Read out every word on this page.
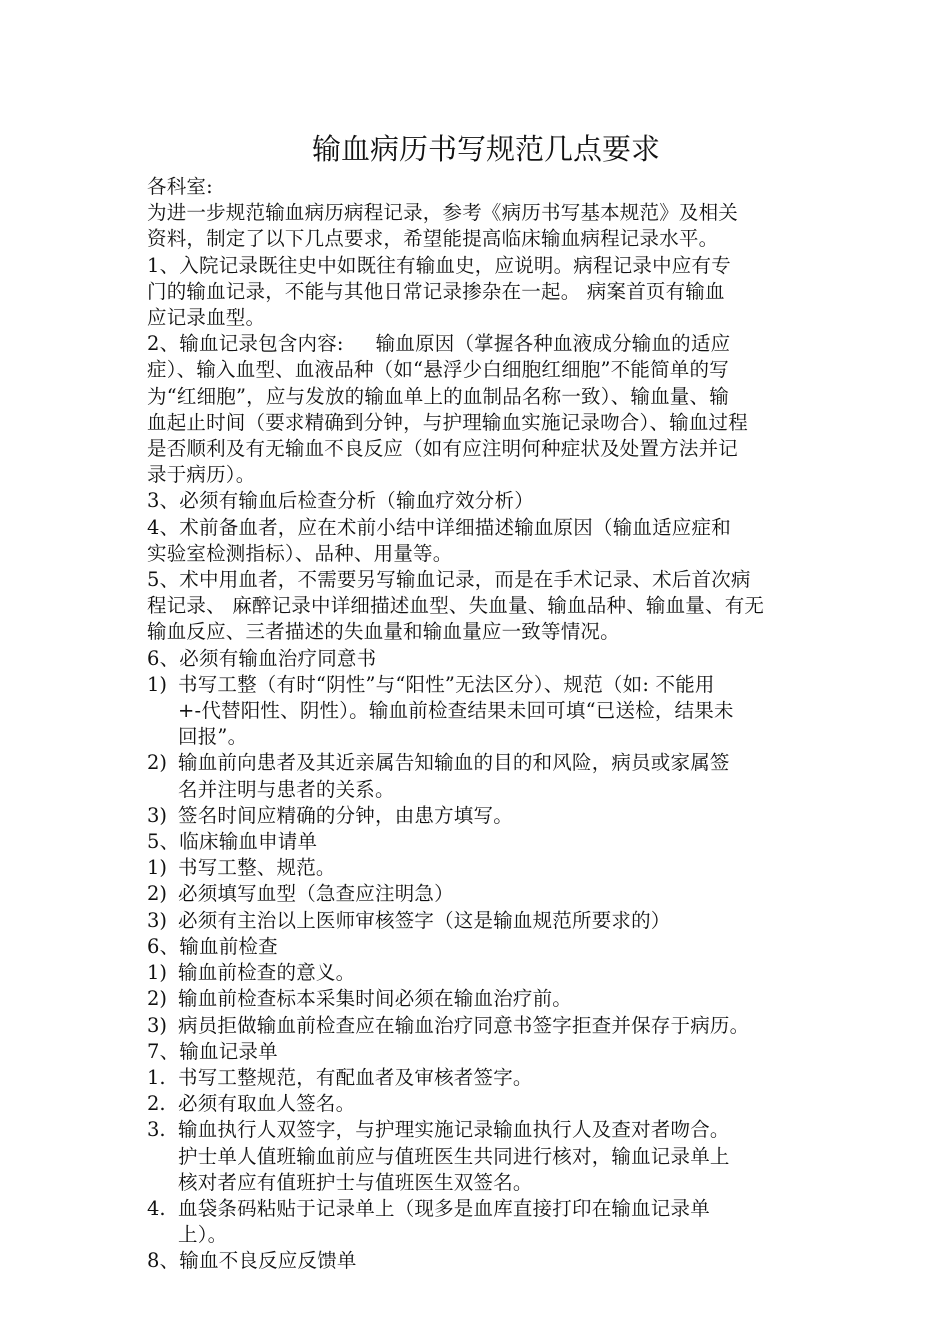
输血病历书写规范几点要求
各科室:
为进一步规范输血病历病程记录，参考《病历书写基本规范》及相关
资料，制定了以下几点要求，希望能提高临床输血病程记录水平。
1、入院记录既往史中如既往有输血史，应说明。病程记录中应有专
门的输血记录，不能与其他日常记录掺杂在一起。 病案首页有输血
应记录血型。
2、输血记录包含内容:     输血原因（掌握各种血液成分输血的适应
症）、输入血型、血液品种（如“悬浮少白细胞红细胞”不能简单的写
为“红细胞”，应与发放的输血单上的血制品名称一致）、输血量、输
血起止时间（要求精确到分钟，与护理输血实施记录吻合）、输血过程
是否顺利及有无输血不良反应（如有应注明何种症状及处置方法并记
录于病历）。
3、必须有输血后检查分析（输血疗效分析）
4、术前备血者，应在术前小结中详细描述输血原因（输血适应症和
实验室检测指标）、品种、用量等。
5、术中用血者，不需要另写输血记录，而是在手术记录、术后首次病
程记录、 麻醉记录中详细描述血型、失血量、输血品种、输血量、有无
输血反应、三者描述的失血量和输血量应一致等情况。
6、必须有输血治疗同意书
1) 书写工整（有时“阴性”与“阳性”无法区分）、规范（如: 不能用
+-代替阳性、阴性）。输血前检查结果未回可填“已送检，结果未
回报”。
2) 输血前向患者及其近亲属告知输血的目的和风险，病员或家属签
名并注明与患者的关系。
3) 签名时间应精确的分钟，由患方填写。
5、临床输血申请单
1) 书写工整、规范。
2) 必须填写血型（急查应注明急）
3) 必须有主治以上医师审核签字（这是输血规范所要求的）
6、输血前检查
1) 输血前检查的意义。
2) 输血前检查标本采集时间必须在输血治疗前。
3) 病员拒做输血前检查应在输血治疗同意书签字拒查并保存于病历。
7、输血记录单
1. 书写工整规范，有配血者及审核者签字。
2. 必须有取血人签名。
3. 输血执行人双签字，与护理实施记录输血执行人及查对者吻合。
护士单人值班输血前应与值班医生共同进行核对，输血记录单上
核对者应有值班护士与值班医生双签名。
4. 血袋条码粘贴于记录单上（现多是血库直接打印在输血记录单
上）。
8、输血不良反应反馈单
